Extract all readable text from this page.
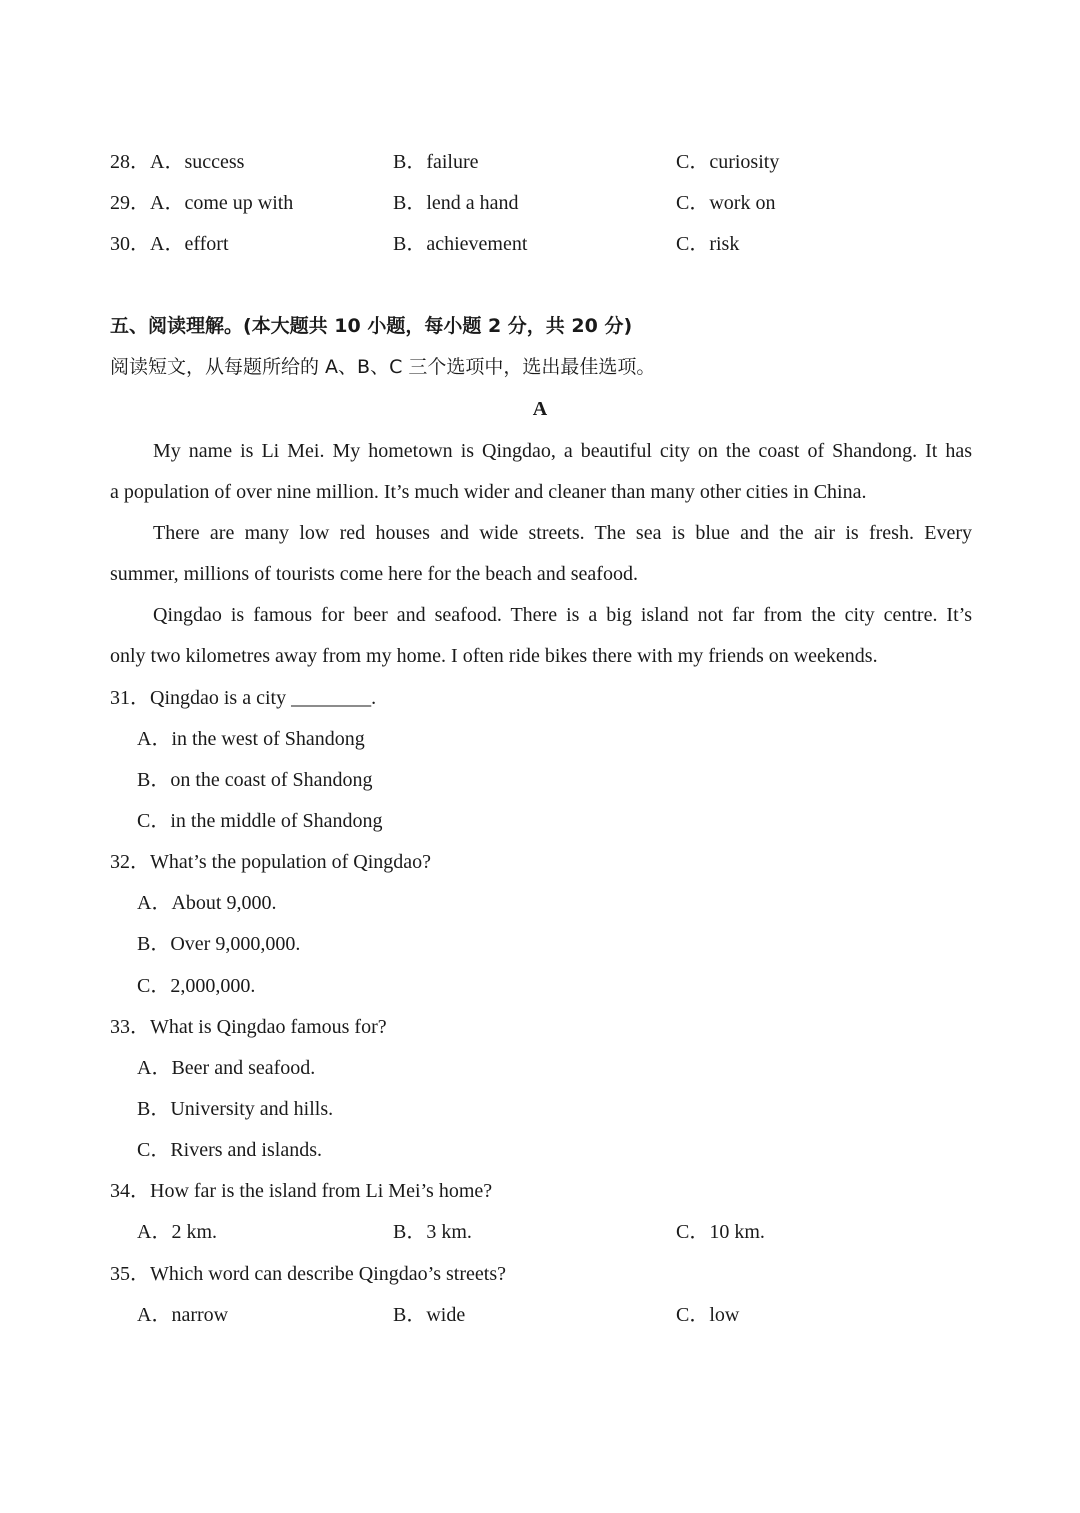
28．A．success	B．failure	C．curiosity
29．A．come up with	B．lend a hand	C．work on
30．A．effort	B．achievement	C．risk
五、阅读理解。(本大题共 10 小题，每小题 2 分，共 20 分)
阅读短文，从每题所给的 A、B、C 三个选项中，选出最佳选项。
A

My name is Li Mei. My hometown is Qingdao, a beautiful city on the coast of Shandong. It has
a population of over nine million. It’s much wider and cleaner than many other cities in China.

There are many low red houses and wide streets. The sea is blue and the air is fresh. Every
summer, millions of tourists come here for the beach and seafood.

Qingdao is famous for beer and seafood. There is a big island not far from the city centre. It’s
only two kilometres away from my home. I often ride bikes there with my friends on weekends.

31．Qingdao is a city ________.
A．in the west of Shandong
B．on the coast of Shandong
C．in the middle of Shandong
32．What’s the population of Qingdao?
A．About 9,000.
B．Over 9,000,000.
C．2,000,000.
33．What is Qingdao famous for?
A．Beer and seafood.
B．University and hills.
C．Rivers and islands.
34．How far is the island from Li Mei’s home?
A．2 km.	B．3 km.	C．10 km.
35．Which word can describe Qingdao’s streets?
A．narrow	B．wide	C．low
